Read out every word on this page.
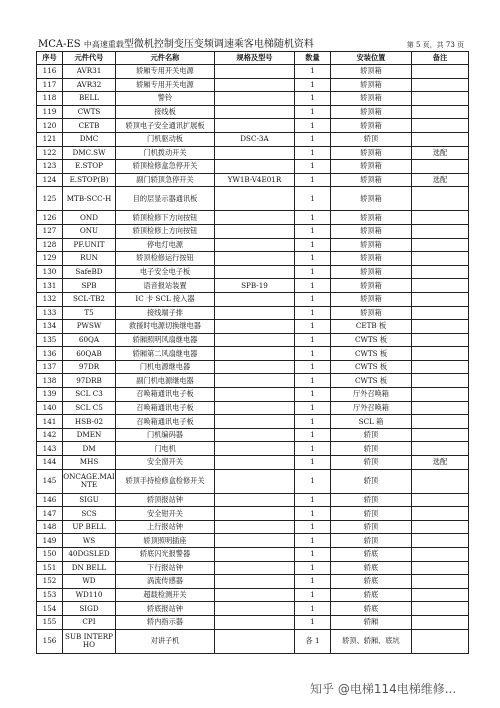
MCA-ES 中高速重载型微机控制变压变频调速乘客电梯随机资料	第 5 页，共 73 页
序号	元件代号	元件名称	规格及型号	数量	安装位置	备注
116	AVR31	轿厢专用开关电源		1	轿顶箱	
117	AVR32	轿厢专用开关电源		1	轿顶箱	
118	BELL	警铃		1	轿顶箱	
119	CWTS	接线板		1	轿顶箱	
120	CETB	轿顶电子安全通讯扩展板		1	轿顶箱	
121	DMC	门机驱动板	DSC-3A	1	轿顶	
122	DMC.SW	门机拨动开关		1	轿顶箱	选配
123	E.STOP	轿顶检修盒急停开关		1	轿顶箱	
124	E.STOP(B)	副门轿顶急停开关	YW1B-V4E01R	1	轿顶箱	选配
125	MTB-SCC-H	目的层显示器通讯板		1	轿顶箱	
126	OND	轿顶检修下方向按钮		1	轿顶箱	
127	ONU	轿顶检修上方向按钮		1	轿顶箱	
128	PF.UNIT	停电灯电源		1	轿顶箱	
129	RUN	轿顶检修运行按钮		1	轿顶箱	
130	SafeBD	电子安全电子板		1	轿顶箱	
131	SPB	语音报站装置	SPB-19	1	轿顶箱	
132	SCL-TB2	IC 卡 SCL 接入器		1	轿顶箱	
133	T5	接线端子排		1	轿顶箱	
134	PWSW	救援时电源切换继电器		1	CETB 板	
135	60QA	轿厢照明风扇继电器		1	CWTS 板	
136	60QAB	轿厢第二风扇继电器		1	CWTS 板	
137	97DR	门机电源继电器		1	CWTS 板	
138	97DRB	副门机电源继电器		1	CWTS 板	
139	SCL C3	召唤箱通讯电子板		1	厅外召唤箱	
140	SCL C5	召唤箱通讯电子板		1	厅外召唤箱	
141	HSB-02	召唤箱通讯电子板		1	SCL 箱	
142	DMEN	门机编码器		1	轿顶	
143	DM	门电机		1	轿顶	
144	MHS	安全窗开关		1	轿顶	选配
145	ONCAGE.MAINTE	轿顶手持检修盒检修开关		1	轿顶	
146	SIGU	轿顶报站钟		1	轿顶	
147	SCS	安全钳开关		1	轿顶	
148	UP BELL	上行报站钟		1	轿顶	
149	WS	轿顶照明插座		1	轿顶	
150	40DGSLED	轿底闪光报警器		1	轿底	
151	DN BELL	下行报站钟		1	轿底	
152	WD	涡流传感器		1	轿底	
153	WD110	超载检测开关		1	轿底	
154	SIGD	轿底报站钟		1	轿底	
155	CPI	轿内指示器		1	轿厢	
156	SUB INTERPHO	对讲子机		各 1	轿顶、轿厢、底坑	
知乎 @电梯114电梯维修...
